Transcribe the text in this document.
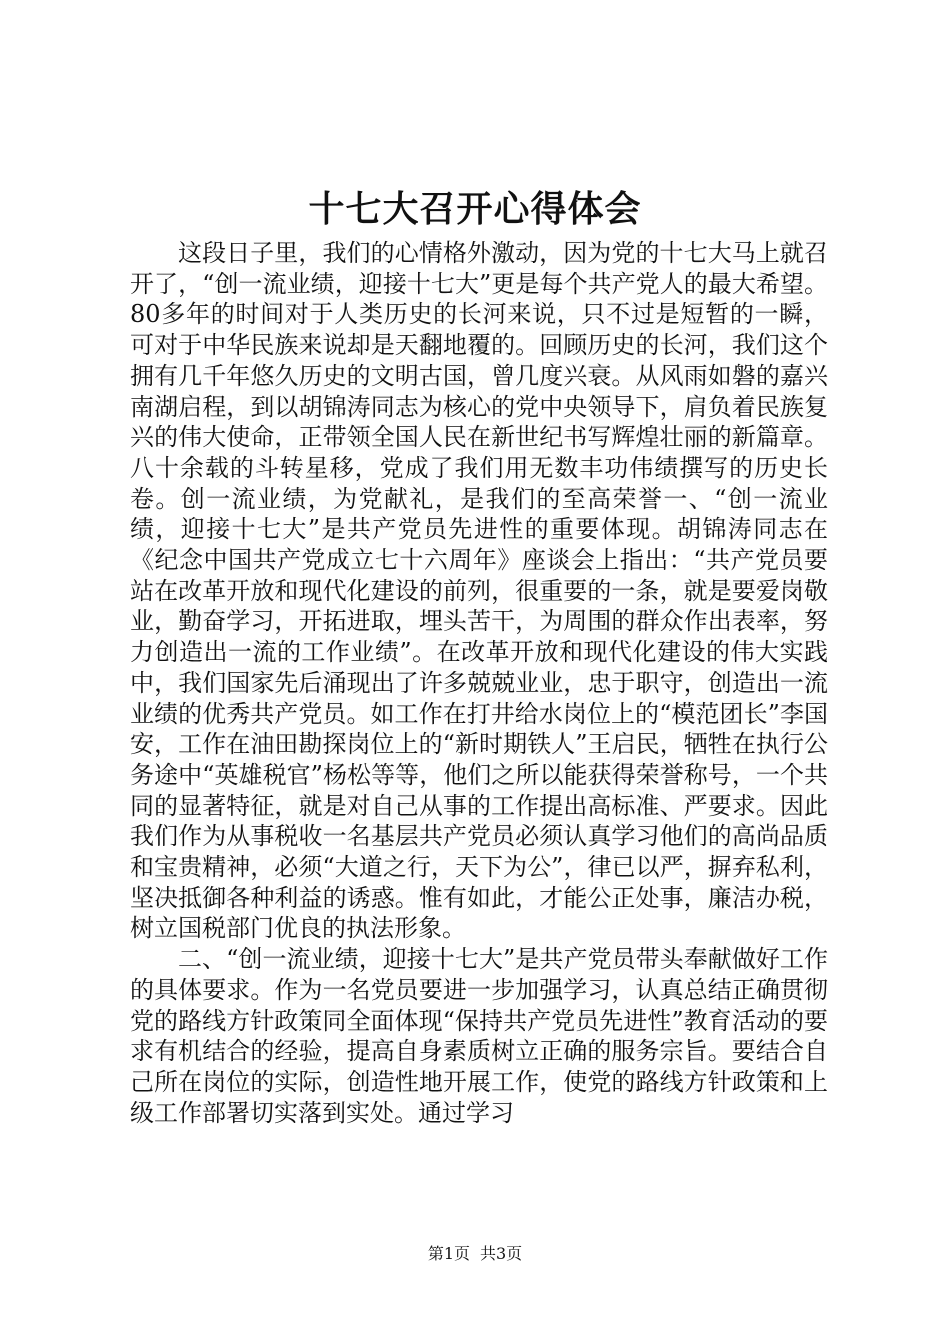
十七大召开心得体会

这段日子里，我们的心情格外激动，因为党的十七大马上就召开了，“创一流业绩，迎接十七大”更是每个共产党人的最大希望。80多年的时间对于人类历史的长河来说，只不过是短暂的一瞬，可对于中华民族来说却是天翻地覆的。回顾历史的长河，我们这个拥有几千年悠久历史的文明古国，曾几度兴衰。从风雨如磐的嘉兴南湖启程，到以胡锦涛同志为核心的党中央领导下，肩负着民族复兴的伟大使命，正带领全国人民在新世纪书写辉煌壮丽的新篇章。八十余载的斗转星移，党成了我们用无数丰功伟绩撰写的历史长卷。创一流业绩，为党献礼，是我们的至高荣誉一、“创一流业绩，迎接十七大”是共产党员先进性的重要体现。胡锦涛同志在《纪念中国共产党成立七十六周年》座谈会上指出：“共产党员要站在改革开放和现代化建设的前列，很重要的一条，就是要爱岗敬业，勤奋学习，开拓进取，埋头苦干，为周围的群众作出表率，努力创造出一流的工作业绩”。在改革开放和现代化建设的伟大实践中，我们国家先后涌现出了许多兢兢业业，忠于职守，创造出一流业绩的优秀共产党员。如工作在打井给水岗位上的“模范团长”李国安，工作在油田勘探岗位上的“新时期铁人”王启民，牺牲在执行公务途中“英雄税官”杨松等等，他们之所以能获得荣誉称号，一个共同的显著特征，就是对自己从事的工作提出高标准、严要求。因此我们作为从事税收一名基层共产党员必须认真学习他们的高尚品质和宝贵精神，必须“大道之行，天下为公”，律已以严，摒弃私利，坚决抵御各种利益的诱惑。惟有如此，才能公正处事，廉洁办税，树立国税部门优良的执法形象。

二、“创一流业绩，迎接十七大”是共产党员带头奉献做好工作的具体要求。作为一名党员要进一步加强学习，认真总结正确贯彻党的路线方针政策同全面体现“保持共产党员先进性”教育活动的要求有机结合的经验，提高自身素质树立正确的服务宗旨。要结合自己所在岗位的实际，创造性地开展工作，使党的路线方针政策和上级工作部署切实落到实处。通过学习

第1页 共3页
